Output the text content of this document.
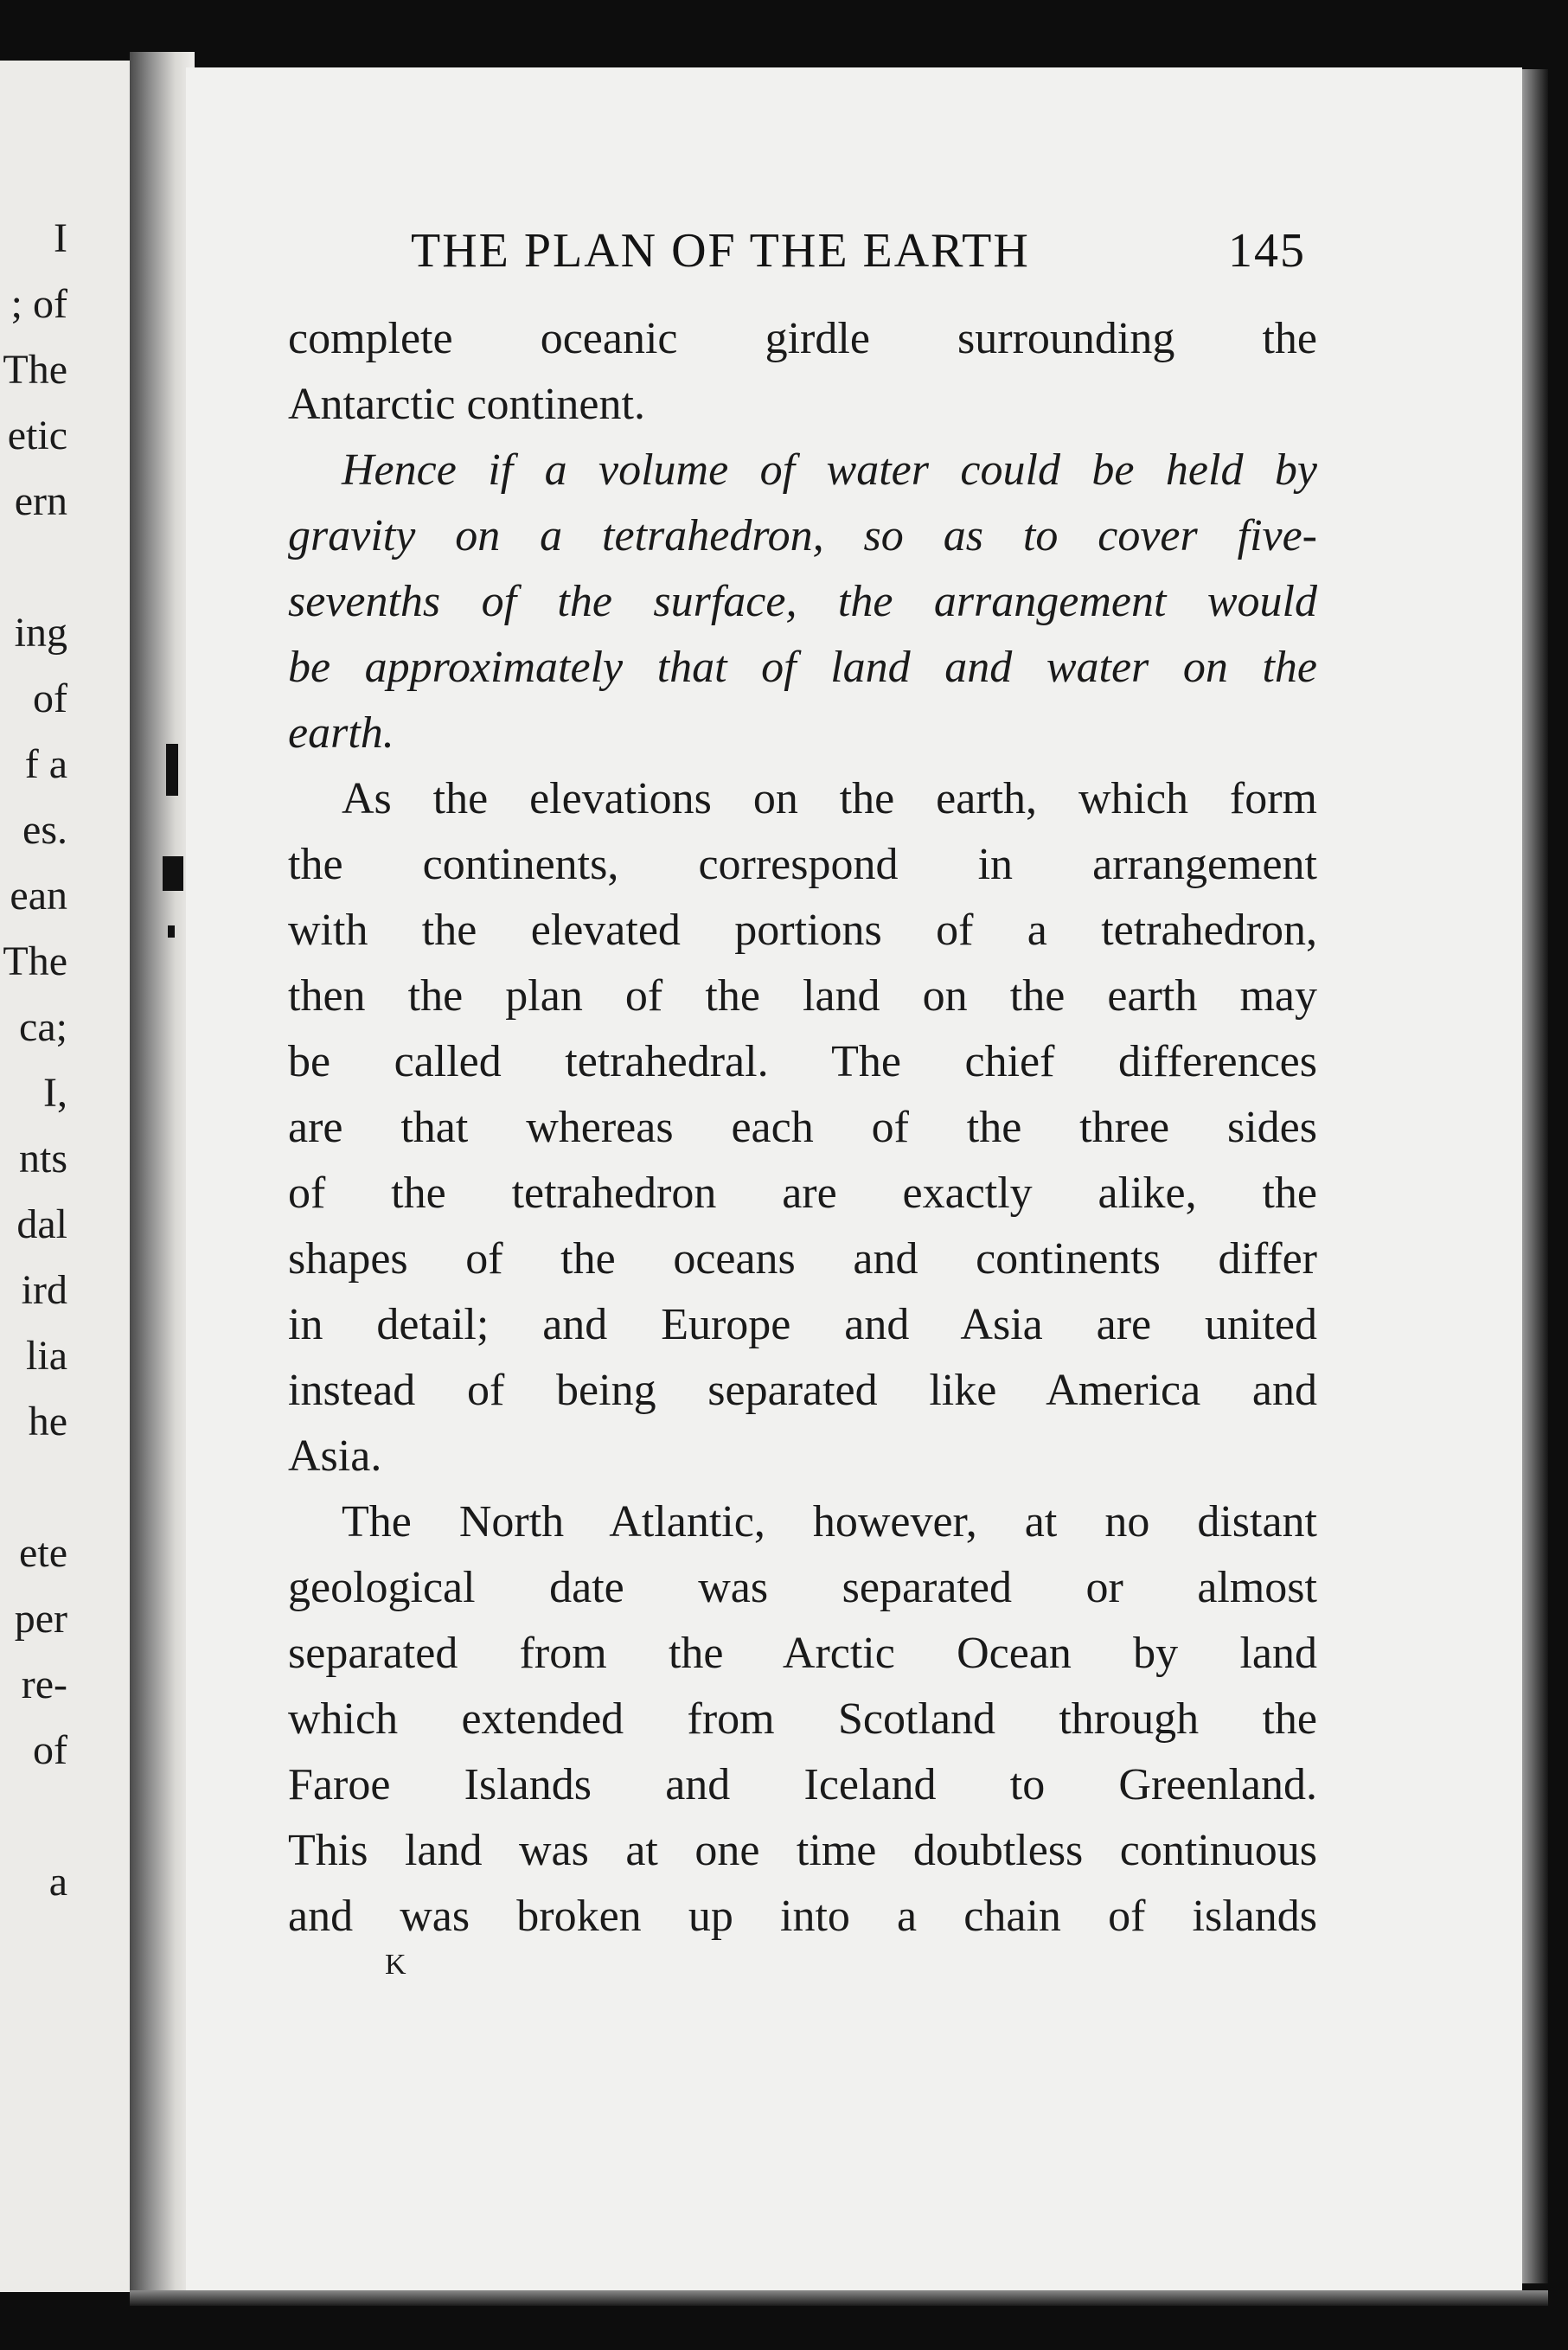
I
; of
The
etic
ern
ing
of
f a
es.
ean
The
ca;
I,
nts
dal
ird
lia
he
ete
per
re-
of
a
THE PLAN OF THE EARTH	145
complete oceanic girdle surrounding the
Antarctic continent.
Hence if a volume of water could be held by
gravity on a tetrahedron, so as to cover five-
sevenths of the surface, the arrangement would
be approximately that of land and water on the
earth.
As the elevations on the earth, which form
the continents, correspond in arrangement
with the elevated portions of a tetrahedron,
then the plan of the land on the earth may
be called tetrahedral. The chief differences
are that whereas each of the three sides
of the tetrahedron are exactly alike, the
shapes of the oceans and continents differ
in detail; and Europe and Asia are united
instead of being separated like America and
Asia.
The North Atlantic, however, at no distant
geological date was separated or almost
separated from the Arctic Ocean by land
which extended from Scotland through the
Faroe Islands and Iceland to Greenland.
This land was at one time doubtless continuous
and was broken up into a chain of islands
K
